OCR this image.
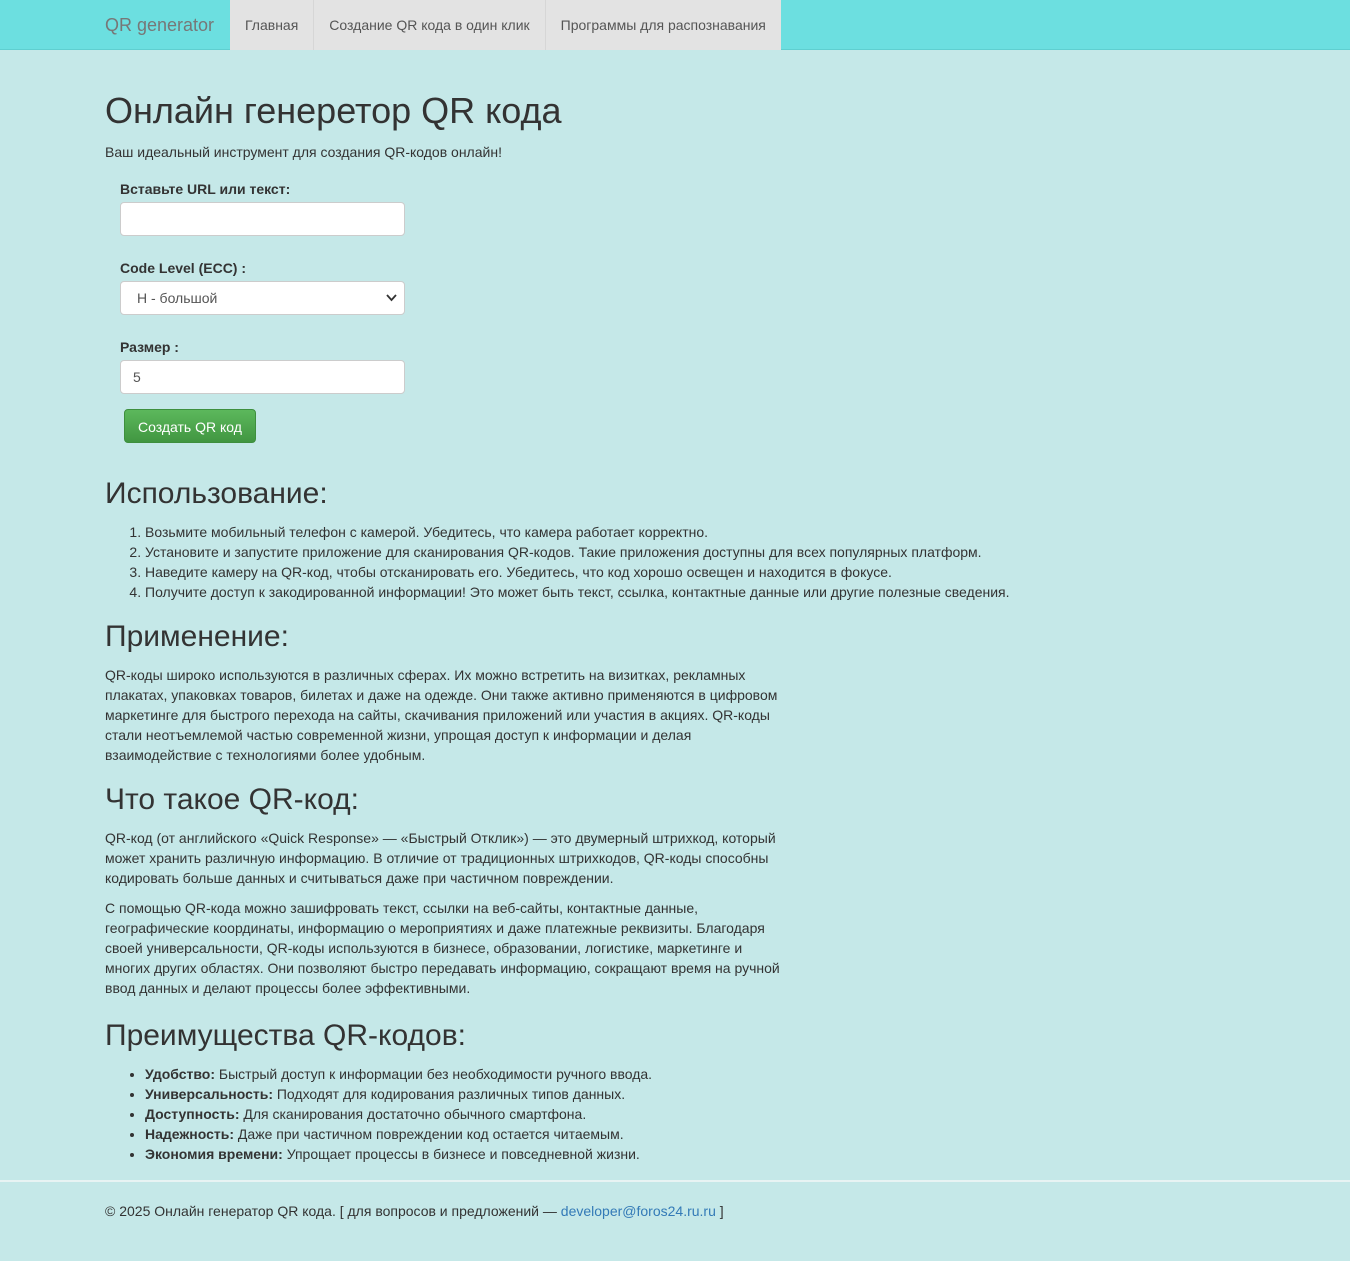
QR generator	Главная	Создание QR кода в один клик	Программы для распознавания
Онлайн генеретор QR кода

Ваш идеальный инструмент для создания QR-кодов онлайн!

Вставьте URL или текст:
Code Level (ECC) :
H - большой
Размер :
5
Создать QR код
Использование:
1. Возьмите мобильный телефон с камерой. Убедитесь, что камера работает корректно.
2. Установите и запустите приложение для сканирования QR-кодов. Такие приложения доступны для всех популярных платформ.
3. Наведите камеру на QR-код, чтобы отсканировать его. Убедитесь, что код хорошо освещен и находится в фокусе.
4. Получите доступ к закодированной информации! Это может быть текст, ссылка, контактные данные или другие полезные сведения.
Применение:

QR-коды широко используются в различных сферах. Их можно встретить на визитках, рекламных плакатах, упаковках товаров, билетах и даже на одежде. Они также активно применяются в цифровом маркетинге для быстрого перехода на сайты, скачивания приложений или участия в акциях. QR-коды стали неотъемлемой частью современной жизни, упрощая доступ к информации и делая взаимодействие с технологиями более удобным.

Что такое QR-код:

QR-код (от английского «Quick Response» — «Быстрый Отклик») — это двумерный штрихкод, который может хранить различную информацию. В отличие от традиционных штрихкодов, QR-коды способны кодировать больше данных и считываться даже при частичном повреждении.

С помощью QR-кода можно зашифровать текст, ссылки на веб-сайты, контактные данные, географические координаты, информацию о мероприятиях и даже платежные реквизиты. Благодаря своей универсальности, QR-коды используются в бизнесе, образовании, логистике, маркетинге и многих других областях. Они позволяют быстро передавать информацию, сокращают время на ручной ввод данных и делают процессы более эффективными.

Преимущества QR-кодов:
• Удобство: Быстрый доступ к информации без необходимости ручного ввода.
• Универсальность: Подходят для кодирования различных типов данных.
• Доступность: Для сканирования достаточно обычного смартфона.
• Надежность: Даже при частичном повреждении код остается читаемым.
• Экономия времени: Упрощает процессы в бизнесе и повседневной жизни.
© 2025 Онлайн генератор QR кода. [ для вопросов и предложений — developer@foros24.ru.ru ]
